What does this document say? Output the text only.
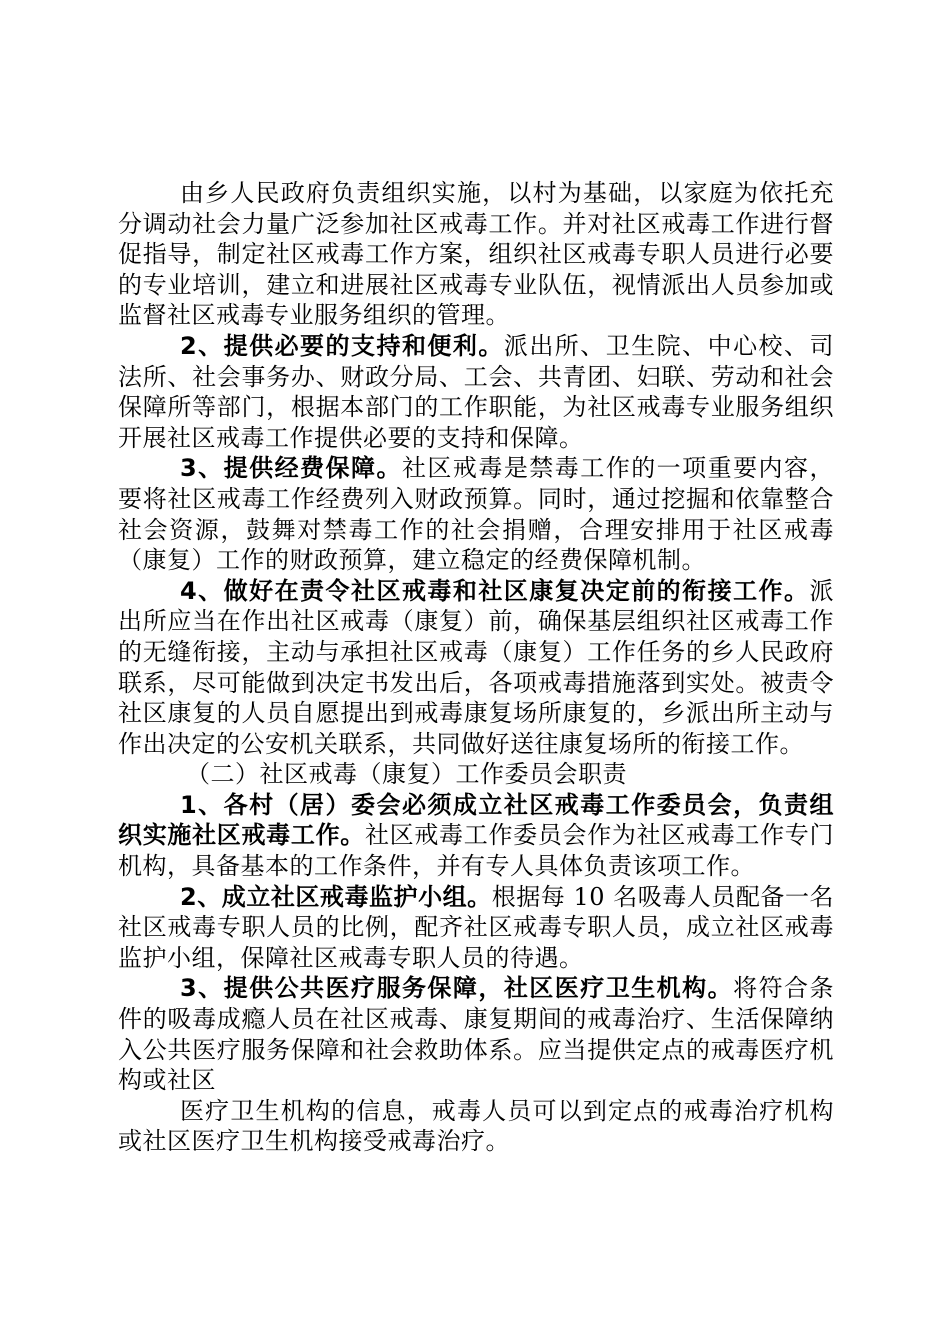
由乡人民政府负责组织实施，以村为基础，以家庭为依托充分调动社会力量广泛参加社区戒毒工作。并对社区戒毒工作进行督促指导，制定社区戒毒工作方案，组织社区戒毒专职人员进行必要的专业培训，建立和进展社区戒毒专业队伍，视情派出人员参加或监督社区戒毒专业服务组织的管理。

2、提供必要的支持和便利。派出所、卫生院、中心校、司法所、社会事务办、财政分局、工会、共青团、妇联、劳动和社会保障所等部门，根据本部门的工作职能，为社区戒毒专业服务组织开展社区戒毒工作提供必要的支持和保障。

3、提供经费保障。社区戒毒是禁毒工作的一项重要内容，要将社区戒毒工作经费列入财政预算。同时，通过挖掘和依靠整合社会资源，鼓舞对禁毒工作的社会捐赠，合理安排用于社区戒毒（康复）工作的财政预算，建立稳定的经费保障机制。

4、做好在责令社区戒毒和社区康复决定前的衔接工作。派出所应当在作出社区戒毒（康复）前，确保基层组织社区戒毒工作的无缝衔接，主动与承担社区戒毒（康复）工作任务的乡人民政府联系，尽可能做到决定书发出后，各项戒毒措施落到实处。被责令社区康复的人员自愿提出到戒毒康复场所康复的，乡派出所主动与作出决定的公安机关联系，共同做好送往康复场所的衔接工作。

（二）社区戒毒（康复）工作委员会职责

1、各村（居）委会必须成立社区戒毒工作委员会，负责组织实施社区戒毒工作。社区戒毒工作委员会作为社区戒毒工作专门机构，具备基本的工作条件，并有专人具体负责该项工作。

2、成立社区戒毒监护小组。根据每 10 名吸毒人员配备一名社区戒毒专职人员的比例，配齐社区戒毒专职人员，成立社区戒毒监护小组，保障社区戒毒专职人员的待遇。

3、提供公共医疗服务保障，社区医疗卫生机构。将符合条件的吸毒成瘾人员在社区戒毒、康复期间的戒毒治疗、生活保障纳入公共医疗服务保障和社会救助体系。应当提供定点的戒毒医疗机构或社区

医疗卫生机构的信息，戒毒人员可以到定点的戒毒治疗机构或社区医疗卫生机构接受戒毒治疗。
